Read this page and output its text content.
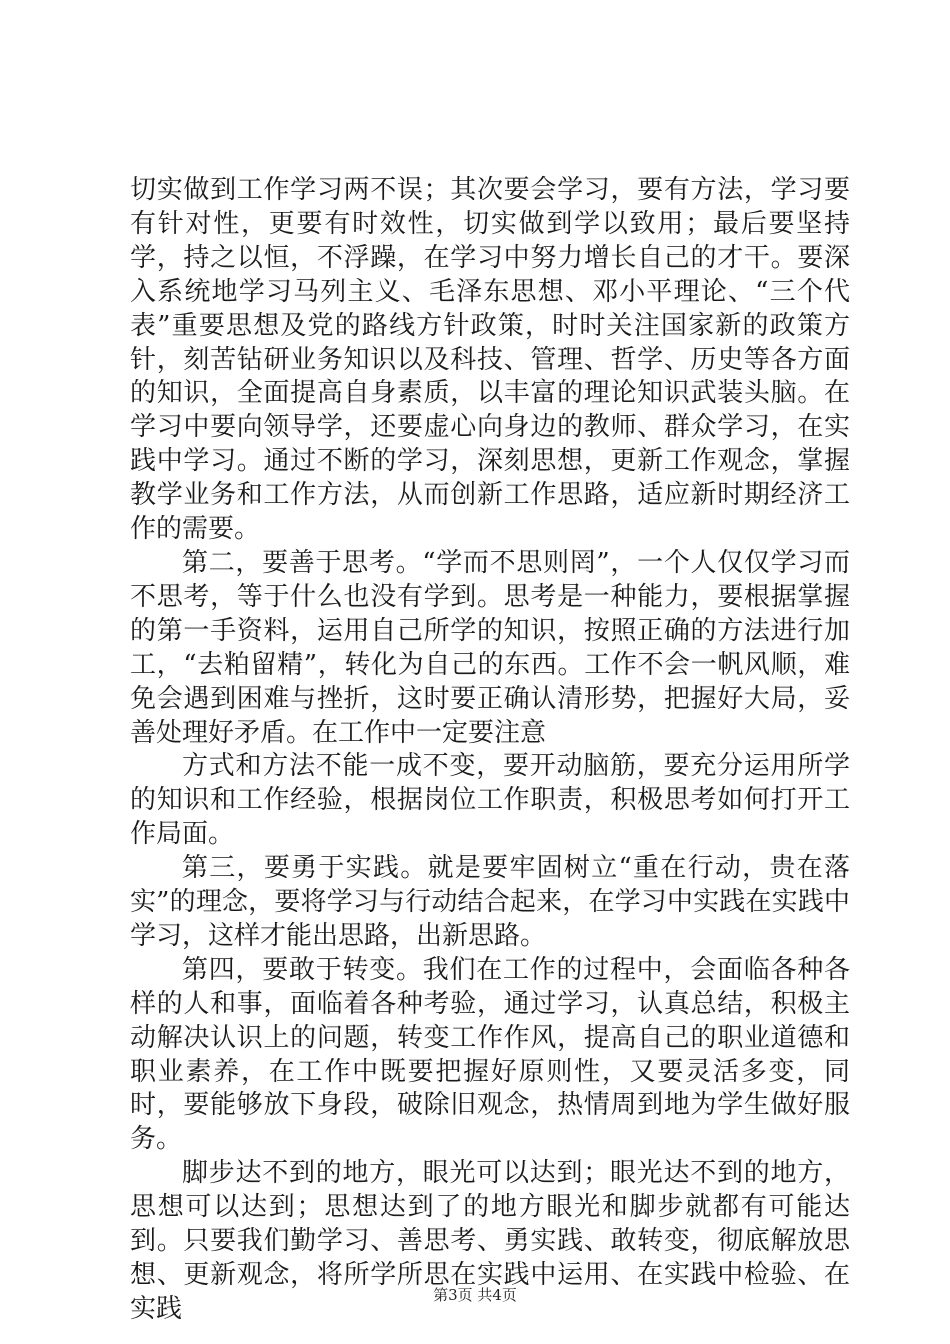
切实做到工作学习两不误；其次要会学习，要有方法，学习要有针对性，更要有时效性，切实做到学以致用；最后要坚持学，持之以恒，不浮躁，在学习中努力增长自己的才干。要深入系统地学习马列主义、毛泽东思想、邓小平理论、“三个代表”重要思想及党的路线方针政策，时时关注国家新的政策方针，刻苦钻研业务知识以及科技、管理、哲学、历史等各方面的知识，全面提高自身素质，以丰富的理论知识武装头脑。在学习中要向领导学，还要虚心向身边的教师、群众学习，在实践中学习。通过不断的学习，深刻思想，更新工作观念，掌握教学业务和工作方法，从而创新工作思路，适应新时期经济工作的需要。

第二，要善于思考。“学而不思则罔”，一个人仅仅学习而不思考，等于什么也没有学到。思考是一种能力，要根据掌握的第一手资料，运用自己所学的知识，按照正确的方法进行加工，“去粕留精”，转化为自己的东西。工作不会一帆风顺，难免会遇到困难与挫折，这时要正确认清形势，把握好大局，妥善处理好矛盾。在工作中一定要注意

方式和方法不能一成不变，要开动脑筋，要充分运用所学的知识和工作经验，根据岗位工作职责，积极思考如何打开工作局面。

第三，要勇于实践。就是要牢固树立“重在行动，贵在落实”的理念，要将学习与行动结合起来，在学习中实践在实践中学习，这样才能出思路，出新思路。

第四，要敢于转变。我们在工作的过程中，会面临各种各样的人和事，面临着各种考验，通过学习，认真总结，积极主动解决认识上的问题，转变工作作风，提高自己的职业道德和职业素养，在工作中既要把握好原则性，又要灵活多变，同时，要能够放下身段，破除旧观念，热情周到地为学生做好服务。

脚步达不到的地方，眼光可以达到；眼光达不到的地方，思想可以达到；思想达到了的地方眼光和脚步就都有可能达到。只要我们勤学习、善思考、勇实践、敢转变，彻底解放思想、更新观念，将所学所思在实践中运用、在实践中检验、在实践	第3页 共4页
